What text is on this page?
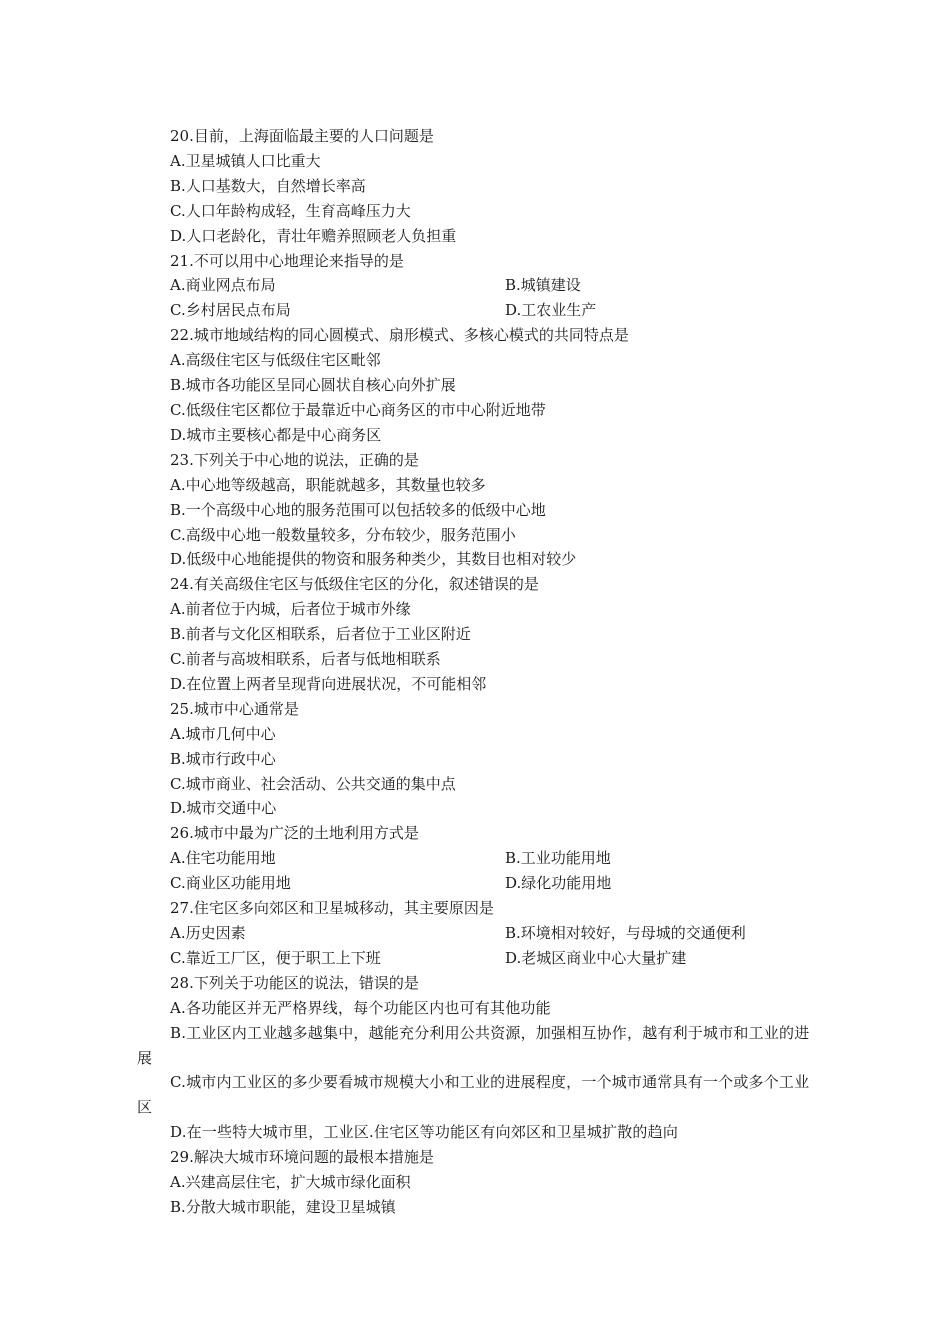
20.目前，上海面临最主要的人口问题是
A.卫星城镇人口比重大
B.人口基数大，自然增长率高
C.人口年龄构成轻，生育高峰压力大
D.人口老龄化，青壮年赡养照顾老人负担重
21.不可以用中心地理论来指导的是
A.商业网点布局	B.城镇建设
C.乡村居民点布局	D.工农业生产
22.城市地域结构的同心圆模式、扇形模式、多核心模式的共同特点是
A.高级住宅区与低级住宅区毗邻
B.城市各功能区呈同心圆状自核心向外扩展
C.低级住宅区都位于最靠近中心商务区的市中心附近地带
D.城市主要核心都是中心商务区
23.下列关于中心地的说法，正确的是
A.中心地等级越高，职能就越多，其数量也较多
B.一个高级中心地的服务范围可以包括较多的低级中心地
C.高级中心地一般数量较多，分布较少，服务范围小
D.低级中心地能提供的物资和服务种类少，其数目也相对较少
24.有关高级住宅区与低级住宅区的分化，叙述错误的是
A.前者位于内城，后者位于城市外缘
B.前者与文化区相联系，后者位于工业区附近
C.前者与高坡相联系，后者与低地相联系
D.在位置上两者呈现背向进展状况，不可能相邻
25.城市中心通常是
A.城市几何中心
B.城市行政中心
C.城市商业、社会活动、公共交通的集中点
D.城市交通中心
26.城市中最为广泛的土地利用方式是
A.住宅功能用地	B.工业功能用地
C.商业区功能用地	D.绿化功能用地
27.住宅区多向郊区和卫星城移动，其主要原因是
A.历史因素	B.环境相对较好，与母城的交通便利
C.靠近工厂区，便于职工上下班	D.老城区商业中心大量扩建
28.下列关于功能区的说法，错误的是
A.各功能区并无严格界线，每个功能区内也可有其他功能
B.工业区内工业越多越集中，越能充分利用公共资源，加强相互协作，越有利于城市和工业的进展
C.城市内工业区的多少要看城市规模大小和工业的进展程度，一个城市通常具有一个或多个工业区
D.在一些特大城市里，工业区.住宅区等功能区有向郊区和卫星城扩散的趋向
29.解决大城市环境问题的最根本措施是
A.兴建高层住宅，扩大城市绿化面积
B.分散大城市职能，建设卫星城镇
